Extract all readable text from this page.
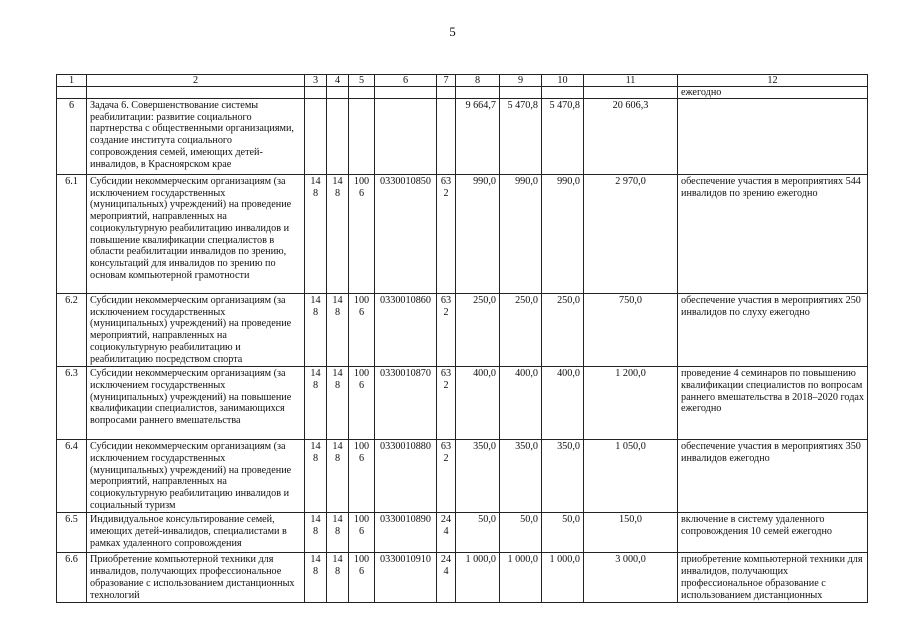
5
1	2	3	4	5	6	7	8	9	10	11	12
											ежегодно
6	Задача 6. Совершенствование системы реабилитации: развитие социального партнерства с общественными организациями, создание института социального сопровождения семей, имеющих детей-инвалидов, в Красноярском крае						9 664,7	5 470,8	5 470,8	20 606,3	
6.1	Субсидии некоммерческим организациям (за исключением государственных (муниципальных) учреждений) на проведение мероприятий, направленных на социокультурную реабилитацию инвалидов и повышение квалификации специалистов в области реабилитации инвалидов по зрению, консультаций для инвалидов по зрению по основам компьютерной грамотности	148	148	1006	0330010850	632	990,0	990,0	990,0	2 970,0	обеспечение участия в мероприятиях 544 инвалидов по зрению ежегодно
6.2	Субсидии некоммерческим организациям (за исключением государственных (муниципальных) учреждений) на проведение мероприятий, направленных на социокультурную реабилитацию и реабилитацию посредством спорта	148	148	1006	0330010860	632	250,0	250,0	250,0	750,0	обеспечение участия в мероприятиях 250 инвалидов по слуху ежегодно
6.3	Субсидии некоммерческим организациям (за исключением государственных (муниципальных) учреждений) на повышение квалификации специалистов, занимающихся вопросами раннего вмешательства	148	148	1006	0330010870	632	400,0	400,0	400,0	1 200,0	проведение 4 семинаров по повышению квалификации специалистов по вопросам раннего вмешательства в 2018–2020 годах ежегодно
6.4	Субсидии некоммерческим организациям (за исключением государственных (муниципальных) учреждений) на проведение мероприятий, направленных на социокультурную реабилитацию инвалидов и социальный туризм	148	148	1006	0330010880	632	350,0	350,0	350,0	1 050,0	обеспечение участия в мероприятиях 350 инвалидов ежегодно
6.5	Индивидуальное консультирование семей, имеющих детей-инвалидов, специалистами в рамках удаленного сопровождения	148	148	1006	0330010890	244	50,0	50,0	50,0	150,0	включение в систему удаленного сопровождения 10 семей ежегодно
6.6	Приобретение компьютерной техники для инвалидов, получающих профессиональное образование с использованием дистанционных технологий	148	148	1006	0330010910	244	1 000,0	1 000,0	1 000,0	3 000,0	приобретение компьютерной техники для инвалидов, получающих профессиональное образование с использованием дистанционных
